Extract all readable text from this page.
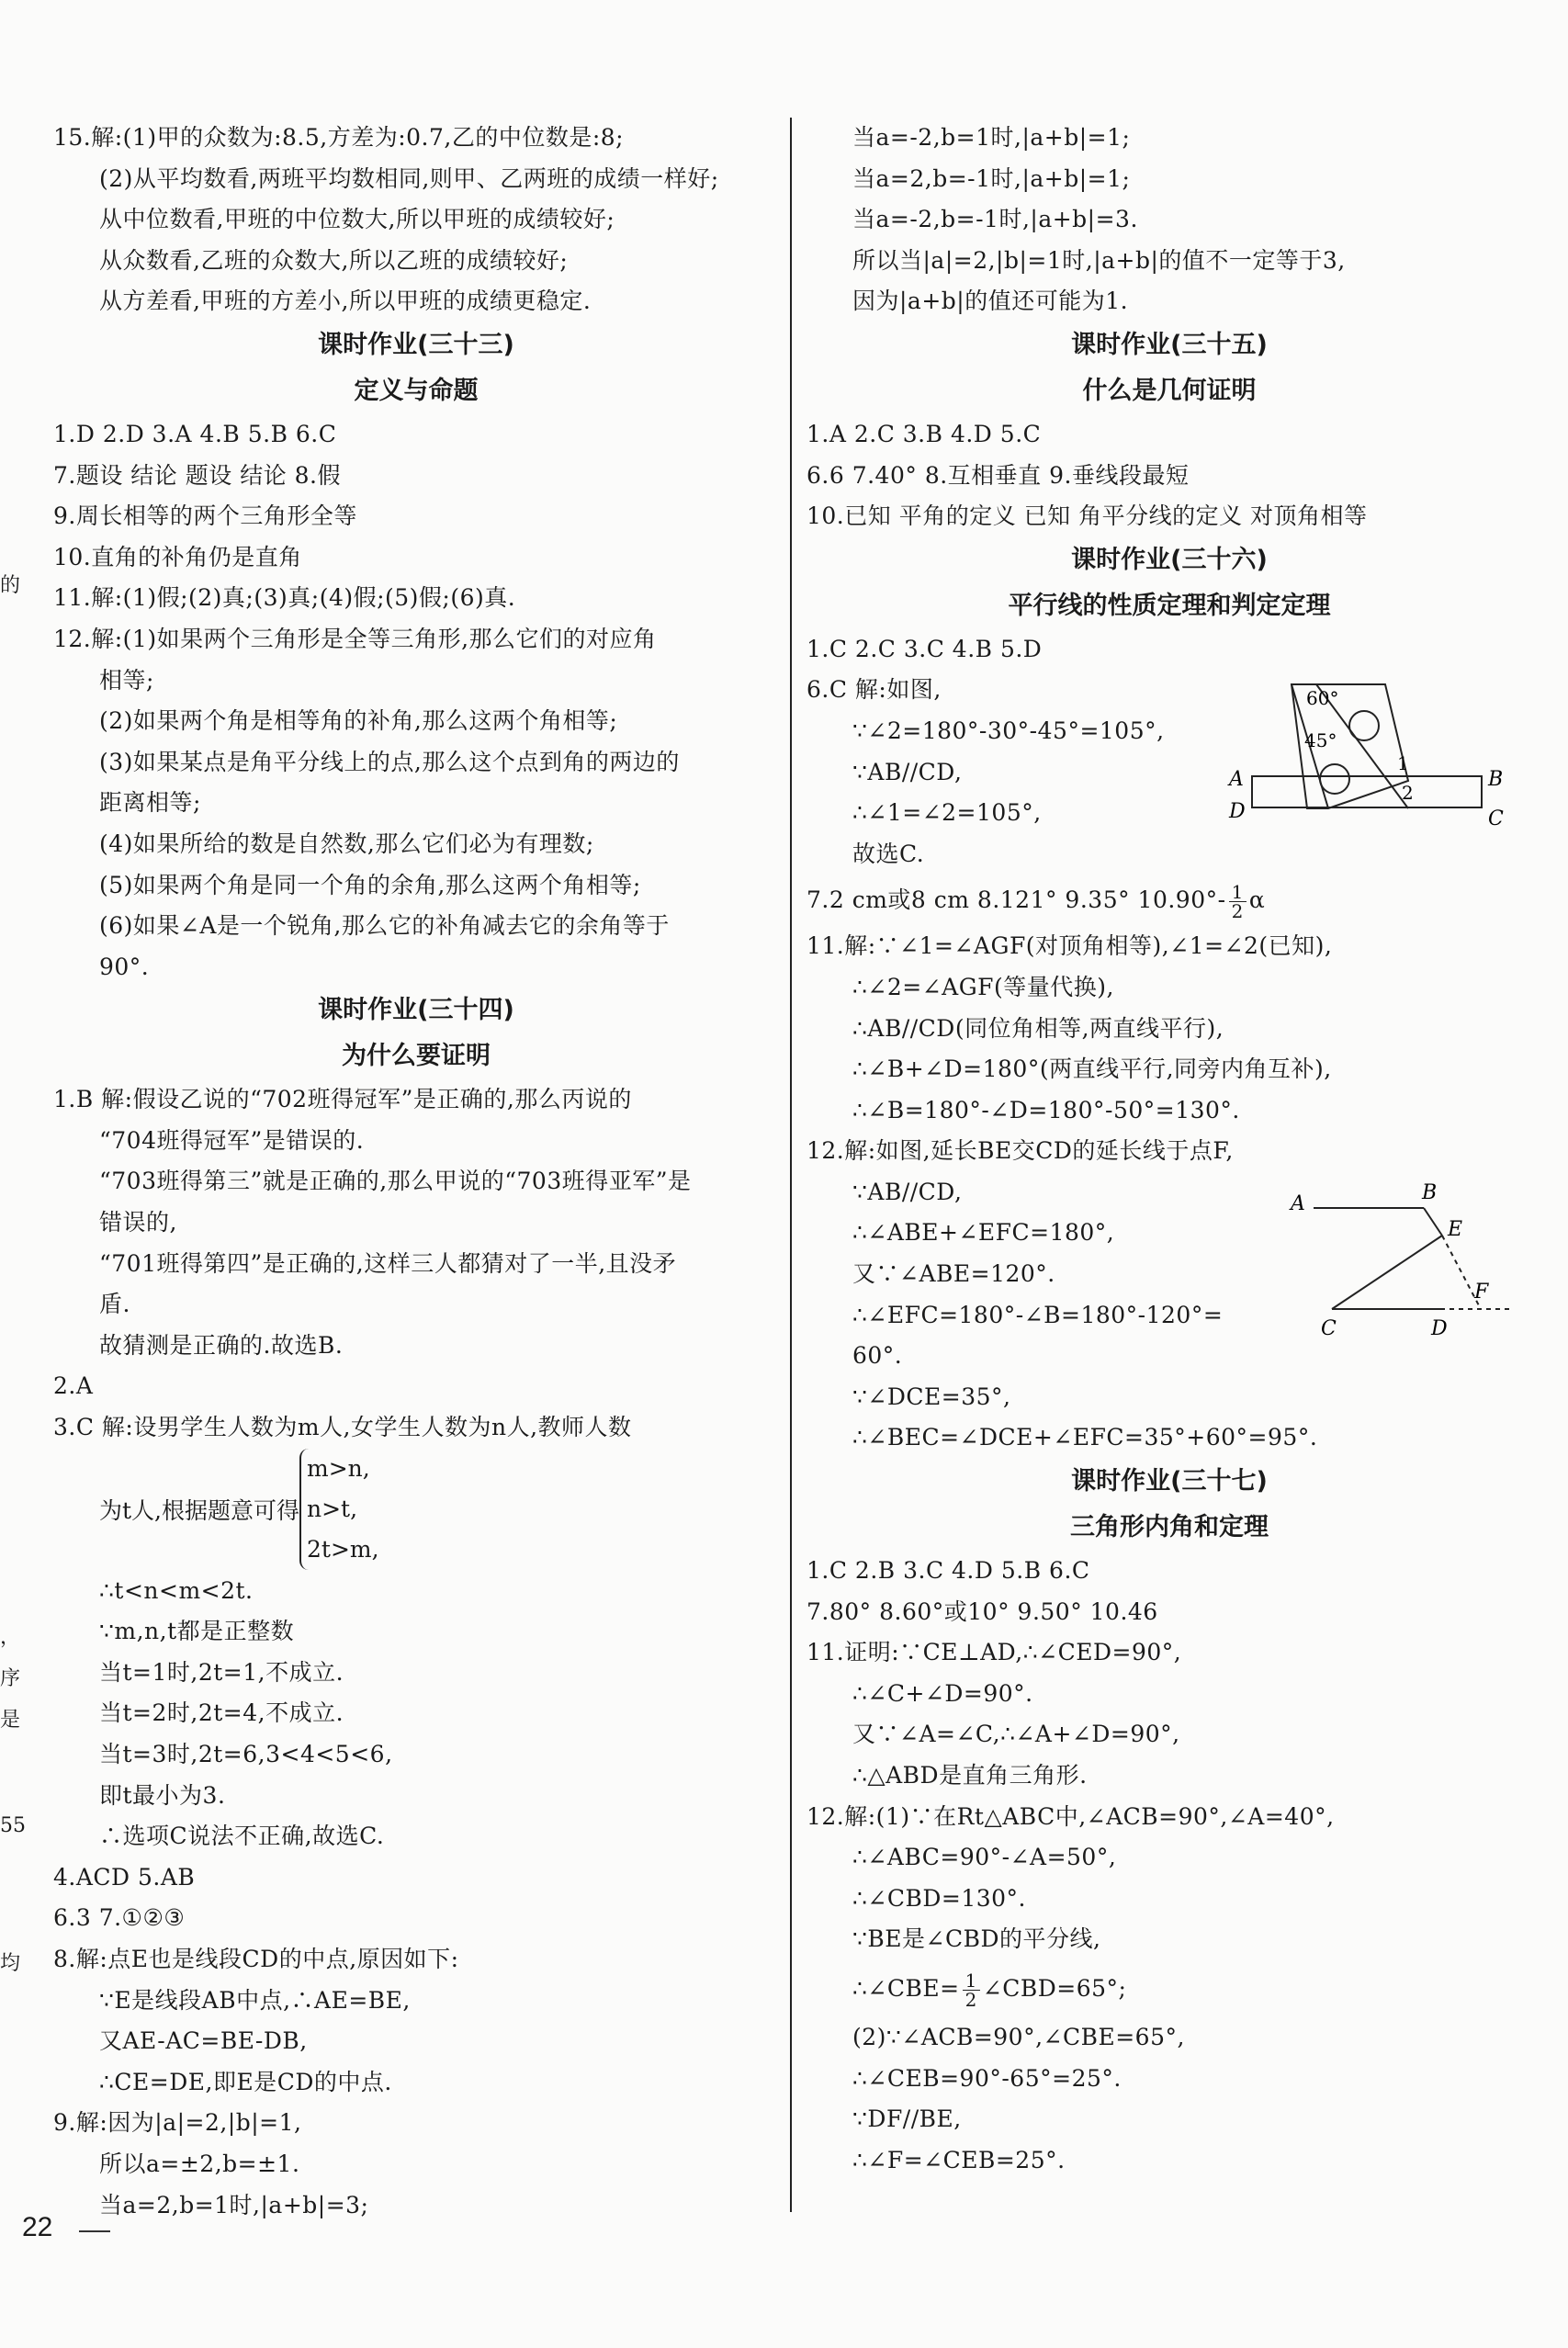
15.解:(1)甲的众数为:8.5,方差为:0.7,乙的中位数是:8;
(2)从平均数看,两班平均数相同,则甲、乙两班的成绩一样好;
从中位数看,甲班的中位数大,所以甲班的成绩较好;
从众数看,乙班的众数大,所以乙班的成绩较好;
从方差看,甲班的方差小,所以甲班的成绩更稳定.
课时作业(三十三)
定义与命题
1.D 2.D 3.A 4.B 5.B 6.C
7.题设 结论 题设 结论 8.假
9.周长相等的两个三角形全等
10.直角的补角仍是直角
11.解:(1)假;(2)真;(3)真;(4)假;(5)假;(6)真.
12.解:(1)如果两个三角形是全等三角形,那么它们的对应角
相等;
(2)如果两个角是相等角的补角,那么这两个角相等;
(3)如果某点是角平分线上的点,那么这个点到角的两边的
距离相等;
(4)如果所给的数是自然数,那么它们必为有理数;
(5)如果两个角是同一个角的余角,那么这两个角相等;
(6)如果∠A是一个锐角,那么它的补角减去它的余角等于
90°.
课时作业(三十四)
为什么要证明
1.B 解:假设乙说的“702班得冠军”是正确的,那么丙说的
“704班得冠军”是错误的.
“703班得第三”就是正确的,那么甲说的“703班得亚军”是
错误的,
“701班得第四”是正确的,这样三人都猜对了一半,且没矛
盾.
故猜测是正确的.故选B.
2.A
3.C 解:设男学生人数为m人,女学生人数为n人,教师人数
为t人,根据题意可得
m>n,
n>t,
2t>m,
∴t<n<m<2t.
∵m,n,t都是正整数
当t=1时,2t=1,不成立.
当t=2时,2t=4,不成立.
当t=3时,2t=6,3<4<5<6,
即t最小为3.
∴选项C说法不正确,故选C.
4.ACD 5.AB
6.3 7.①②③
8.解:点E也是线段CD的中点,原因如下:
∵E是线段AB中点,∴AE=BE,
又AE-AC=BE-DB,
∴CE=DE,即E是CD的中点.
9.解:因为|a|=2,|b|=1,
所以a=±2,b=±1.
当a=2,b=1时,|a+b|=3;
当a=-2,b=1时,|a+b|=1;
当a=2,b=-1时,|a+b|=1;
当a=-2,b=-1时,|a+b|=3.
所以当|a|=2,|b|=1时,|a+b|的值不一定等于3,
因为|a+b|的值还可能为1.
课时作业(三十五)
什么是几何证明
1.A 2.C 3.B 4.D 5.C
6.6 7.40° 8.互相垂直 9.垂线段最短
10.已知 平角的定义 已知 角平分线的定义 对顶角相等
课时作业(三十六)
平行线的性质定理和判定定理
1.C 2.C 3.C 4.B 5.D
6.C 解:如图,
∵∠2=180°-30°-45°=105°,
∵AB//CD,
∴∠1=∠2=105°,
故选C.
7.2 cm或8 cm 8.121° 9.35° $10.90^\circ- \frac{1}{2}$ α
11.解:∵∠1=∠AGF(对顶角相等),∠1=∠2(已知),
∴∠2=∠AGF(等量代换),
∴AB//CD(同位角相等,两直线平行),
∴∠B+∠D=180°(两直线平行,同旁内角互补),
∴∠B=180°-∠D=180°-50°=130°.
12.解:如图,延长BE交CD的延长线于点F,
∵AB//CD,
∴∠ABE+∠EFC=180°,
又∵∠ABE=120°.
∴∠EFC=180°-∠B=180°-120°=
60°.
∵∠DCE=35°,
∴∠BEC=∠DCE+∠EFC=35°+60°=95°.
课时作业(三十七)
三角形内角和定理
1.C 2.B 3.C 4.D 5.B 6.C
7.80° 8.60°或10° 9.50° 10.46
11.证明:∵CE⊥AD,∴∠CED=90°,
∴∠C+∠D=90°.
又∵∠A=∠C,∴∠A+∠D=90°,
∴△ABD是直角三角形.
12.解:(1)∵在Rt△ABC中,∠ACB=90°,∠A=40°,
∴∠ABC=90°-∠A=50°,
∴∠CBD=130°.
∵BE是∠CBD的平分线,
∴∠CBE= $\frac{1}{2}$ ∠CBD=65°;
(2)∵∠ACB=90°,∠CBE=65°,
∴∠CEB=90°-65°=25°.
∵DF//BE,
∴∠F=∠CEB=25°.
的
，
序
是
55
均
60°
45°
1
2
A	B
D	C
A	B
E
F
C	D
22
